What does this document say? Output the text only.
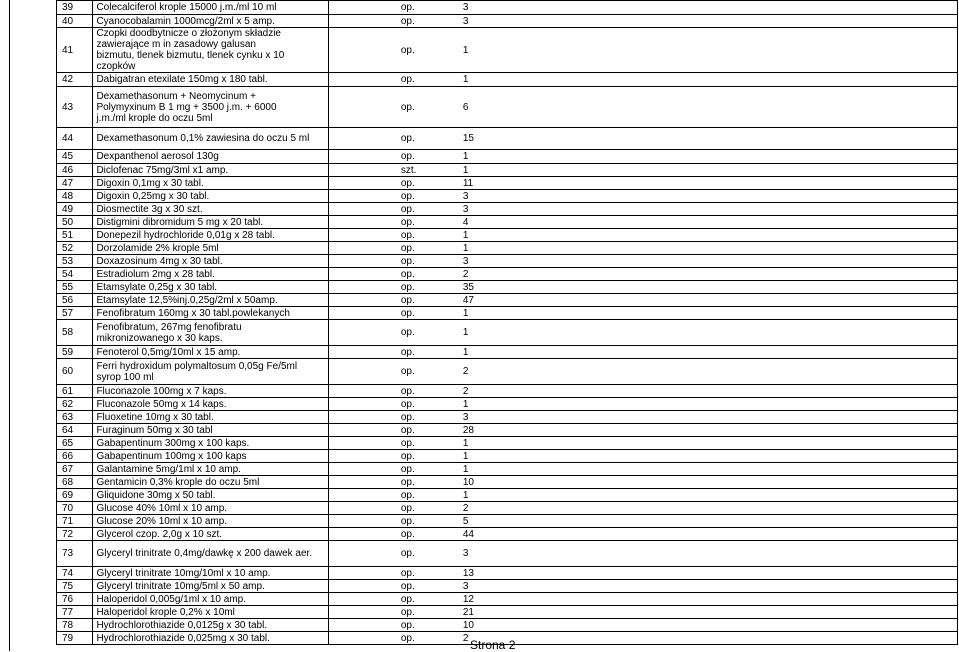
39	Colecalciferol krople 15000 j.m./ml 10 ml	op. 3
40	Cyanocobalamin 1000mcg/2ml x 5 amp.	op. 3
41	Czopki doodbytnicze o złożonym składzie zawierające m in zasadowy galusan bizmutu, tlenek bizmutu, tlenek cynku x 10 czopków	op. 1
42	Dabigatran etexilate 150mg x 180 tabl.	op. 1
43	Dexamethasonum + Neomycinum + Polymyxinum B 1 mg + 3500 j.m. + 6000 j.m./ml krople do oczu 5ml	op. 6
44	Dexamethasonum 0,1% zawiesina do oczu 5 ml	op. 15
45	Dexpanthenol aerosol 130g	op. 1
46	Diclofenac 75mg/3ml x1 amp.	szt. 1
47	Digoxin 0,1mg x 30 tabl.	op. 11
48	Digoxin 0,25mg x 30 tabl.	op. 3
49	Diosmectite 3g x 30 szt.	op. 3
50	Distigmini dibromidum 5 mg x 20 tabl.	op. 4
51	Donepezil hydrochloride 0,01g x 28 tabl.	op. 1
52	Dorzolamide 2% krople 5ml	op. 1
53	Doxazosinum 4mg x 30 tabl.	op. 3
54	Estradiolum 2mg x 28 tabl.	op. 2
55	Etamsylate 0,25g x 30 tabl.	op. 35
56	Etamsylate 12,5%inj.0,25g/2ml x 50amp.	op. 47
57	Fenofibratum 160mg x 30 tabl.powlekanych	op. 1
58	Fenofibratum, 267mg fenofibratu mikronizowanego x 30 kaps.	op. 1
59	Fenoterol 0,5mg/10ml x 15 amp.	op. 1
60	Ferri hydroxidum polymaltosum 0,05g Fe/5ml syrop 100 ml	op. 2
61	Fluconazole 100mg x 7 kaps.	op. 2
62	Fluconazole 50mg x 14 kaps.	op. 1
63	Fluoxetine 10mg x 30 tabl.	op. 3
64	Furaginum 50mg x 30 tabl	op. 28
65	Gabapentinum 300mg x 100 kaps.	op. 1
66	Gabapentinum 100mg x 100 kaps	op. 1
67	Galantamine 5mg/1ml x 10 amp.	op. 1
68	Gentamicin 0,3% krople do oczu 5ml	op. 10
69	Gliquidone 30mg x 50 tabl.	op. 1
70	Glucose 40% 10ml x 10 amp.	op. 2
71	Glucose 20% 10ml x 10 amp.	op. 5
72	Glycerol czop. 2,0g x 10 szt.	op. 44
73	Glyceryl trinitrate 0,4mg/dawkę x 200 dawek aer.	op. 3
74	Glyceryl trinitrate 10mg/10ml x 10 amp.	op. 13
75	Glyceryl trinitrate 10mg/5ml x 50 amp.	op. 3
76	Haloperidol 0,005g/1ml x 10 amp.	op. 12
77	Haloperidol krople 0,2% x 10ml	op. 21
78	Hydrochlorothiazide 0,0125g x 30 tabl.	op. 10
79	Hydrochlorothiazide 0,025mg x 30 tabl.	op. 2 Strona 2
